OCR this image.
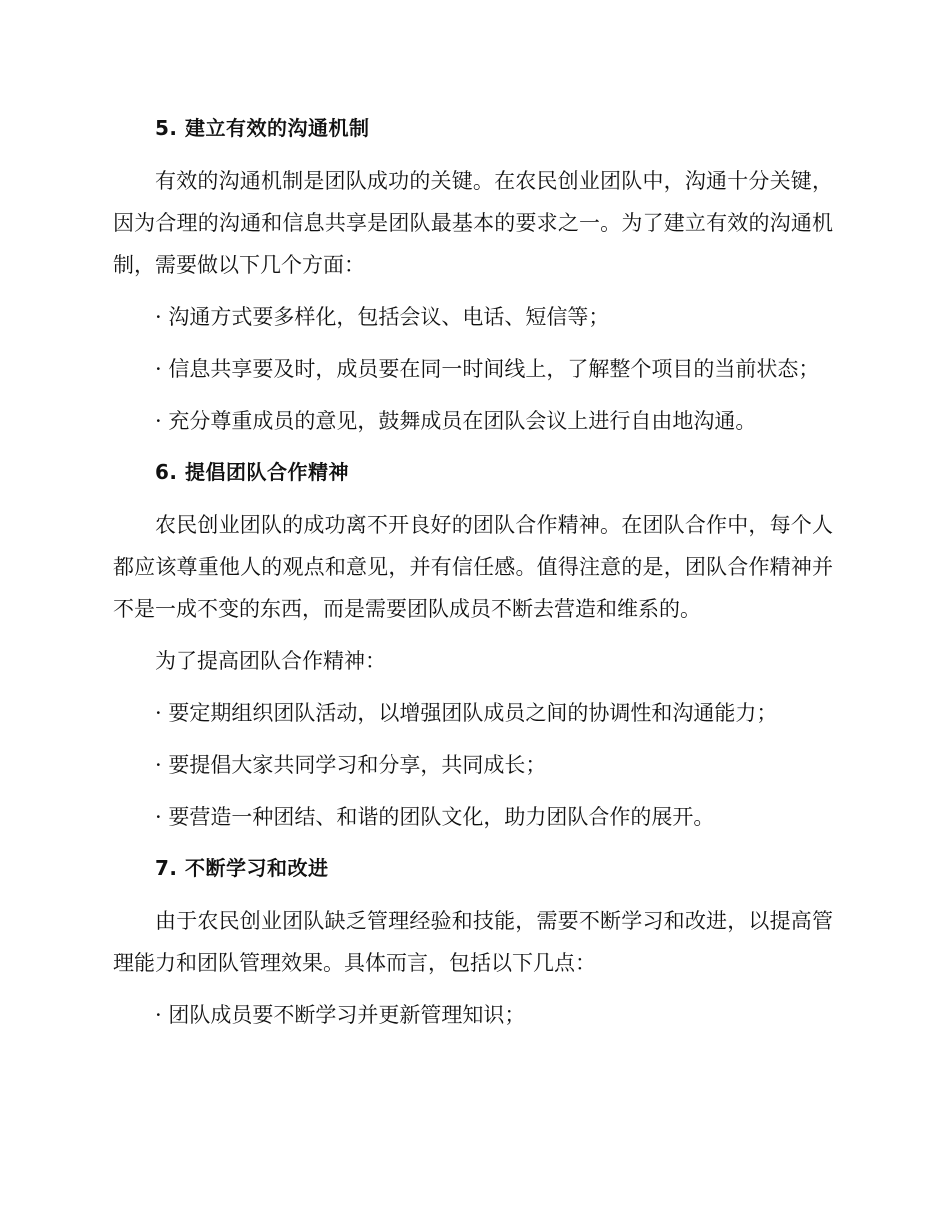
5. 建立有效的沟通机制

有效的沟通机制是团队成功的关键。在农民创业团队中，沟通十分关键，因为合理的沟通和信息共享是团队最基本的要求之一。为了建立有效的沟通机制，需要做以下几个方面：

· 沟通方式要多样化，包括会议、电话、短信等；

· 信息共享要及时，成员要在同一时间线上，了解整个项目的当前状态；

· 充分尊重成员的意见，鼓舞成员在团队会议上进行自由地沟通。

6. 提倡团队合作精神

农民创业团队的成功离不开良好的团队合作精神。在团队合作中，每个人都应该尊重他人的观点和意见，并有信任感。值得注意的是，团队合作精神并不是一成不变的东西，而是需要团队成员不断去营造和维系的。

为了提高团队合作精神：

· 要定期组织团队活动，以增强团队成员之间的协调性和沟通能力；

· 要提倡大家共同学习和分享，共同成长；

· 要营造一种团结、和谐的团队文化，助力团队合作的展开。

7. 不断学习和改进

由于农民创业团队缺乏管理经验和技能，需要不断学习和改进，以提高管理能力和团队管理效果。具体而言，包括以下几点：

· 团队成员要不断学习并更新管理知识；
